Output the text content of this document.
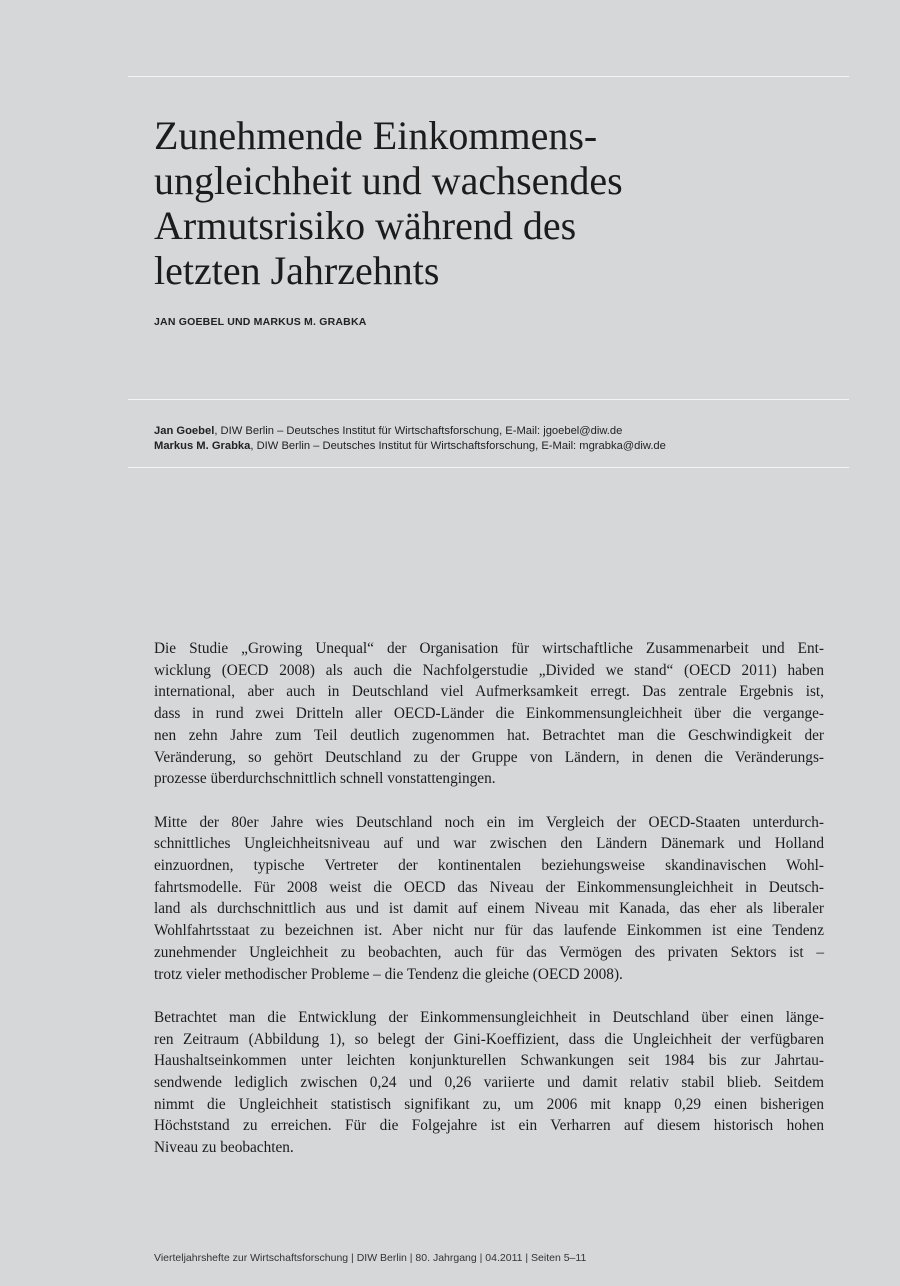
Zunehmende Einkommens-
ungleichheit und wachsendes
Armutsrisiko während des
letzten Jahrzehnts

JAN GOEBEL UND MARKUS M. GRABKA

Jan Goebel, DIW Berlin – Deutsches Institut für Wirtschaftsforschung, E-Mail: jgoebel@diw.de
Markus M. Grabka, DIW Berlin – Deutsches Institut für Wirtschaftsforschung, E-Mail: mgrabka@diw.de

Die Studie „Growing Unequal“ der Organisation für wirtschaftliche Zusammenarbeit und Ent-
wicklung (OECD 2008) als auch die Nachfolgerstudie „Divided we stand“ (OECD 2011) haben
international, aber auch in Deutschland viel Aufmerksamkeit erregt. Das zentrale Ergebnis ist,
dass in rund zwei Dritteln aller OECD-Länder die Einkommensungleichheit über die vergange-
nen zehn Jahre zum Teil deutlich zugenommen hat. Betrachtet man die Geschwindigkeit der
Veränderung, so gehört Deutschland zu der Gruppe von Ländern, in denen die Veränderungs-
prozesse überdurchschnittlich schnell vonstattengingen.

Mitte der 80er Jahre wies Deutschland noch ein im Vergleich der OECD-Staaten unterdurch-
schnittliches Ungleichheitsniveau auf und war zwischen den Ländern Dänemark und Holland
einzuordnen, typische Vertreter der kontinentalen beziehungsweise skandinavischen Wohl-
fahrtsmodelle. Für 2008 weist die OECD das Niveau der Einkommensungleichheit in Deutsch-
land als durchschnittlich aus und ist damit auf einem Niveau mit Kanada, das eher als liberaler
Wohlfahrtsstaat zu bezeichnen ist. Aber nicht nur für das laufende Einkommen ist eine Tendenz
zunehmender Ungleichheit zu beobachten, auch für das Vermögen des privaten Sektors ist –
trotz vieler methodischer Probleme – die Tendenz die gleiche (OECD 2008).

Betrachtet man die Entwicklung der Einkommensungleichheit in Deutschland über einen länge-
ren Zeitraum (Abbildung 1), so belegt der Gini-Koeffizient, dass die Ungleichheit der verfügbaren
Haushaltseinkommen unter leichten konjunkturellen Schwankungen seit 1984 bis zur Jahrtau-
sendwende lediglich zwischen 0,24 und 0,26 variierte und damit relativ stabil blieb. Seitdem
nimmt die Ungleichheit statistisch signifikant zu, um 2006 mit knapp 0,29 einen bisherigen
Höchststand zu erreichen. Für die Folgejahre ist ein Verharren auf diesem historisch hohen
Niveau zu beobachten.

Vierteljahrshefte zur Wirtschaftsforschung | DIW Berlin | 80. Jahrgang | 04.2011 | Seiten 5–11
